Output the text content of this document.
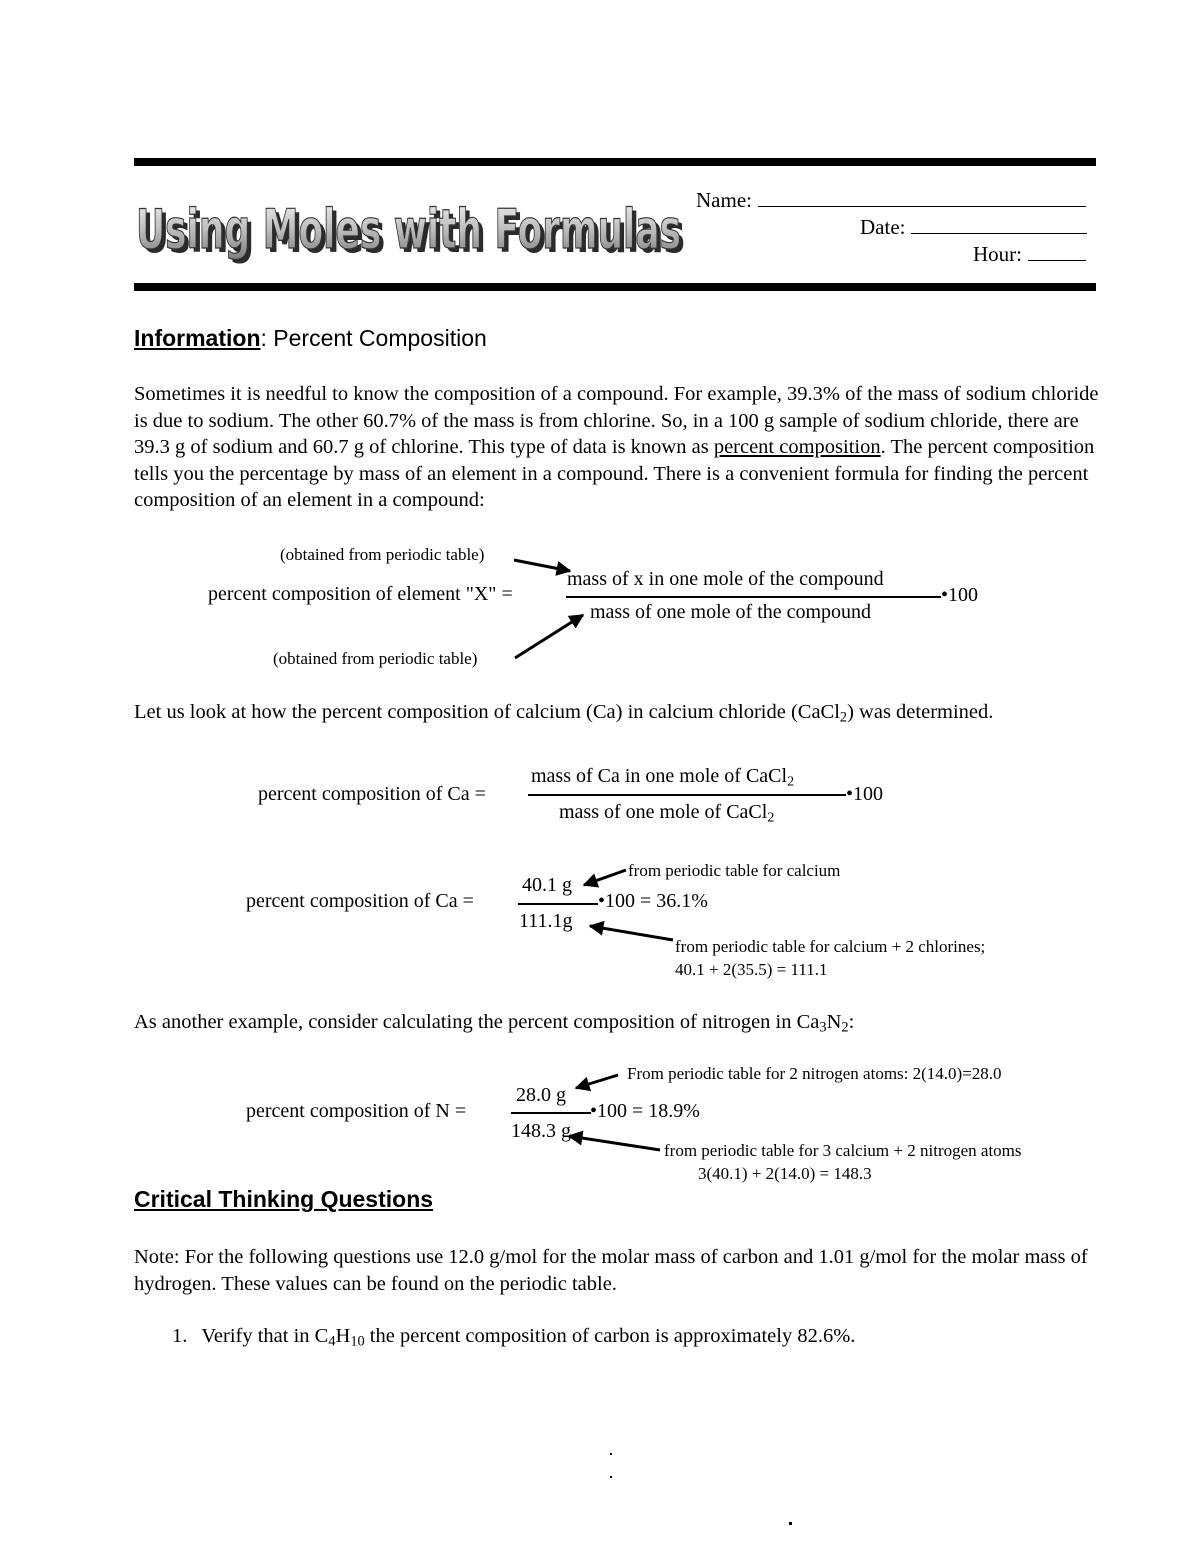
Using Moles with Formulas
Using Moles with Formulas Name:
Date:
Hour:
Information: Percent Composition
Sometimes it is needful to know the composition of a compound. For example, 39.3% of the mass of sodium chloride is due to sodium. The other 60.7% of the mass is from chlorine. So, in a 100 g sample of sodium chloride, there are 39.3 g of sodium and 60.7 g of chlorine. This type of data is known as percent composition. The percent composition tells you the percentage by mass of an element in a compound. There is a convenient formula for finding the percent composition of an element in a compound:
(obtained from periodic table)
percent composition of element "X" =
mass of x in one mole of the compound
mass of one mole of the compound
•100
(obtained from periodic table)
Let us look at how the percent composition of calcium (Ca) in calcium chloride (CaCl$_2$) was determined.
percent composition of Ca =
mass of Ca in one mole of CaCl$_2$
mass of one mole of CaCl$_2$
•100
percent composition of Ca =
40.1 g
111.1g
•100 = 36.1%
from periodic table for calcium
from periodic table for calcium + 2 chlorines;
40.1 + 2(35.5) = 111.1
As another example, consider calculating the percent composition of nitrogen in $Ca_3N_2$:
percent composition of N =
28.0 g
148.3 g
•100 = 18.9%
From periodic table for 2 nitrogen atoms: 2(14.0)=28.0
from periodic table for 3 calcium + 2 nitrogen atoms
3(40.1) + 2(14.0) = 148.3
Critical Thinking Questions
Note: For the following questions use 12.0 g/mol for the molar mass of carbon and 1.01 g/mol for the molar mass of hydrogen. These values can be found on the periodic table.
1. Verify that in $C_4H_{10}$ the percent composition of carbon is approximately 82.6%.
